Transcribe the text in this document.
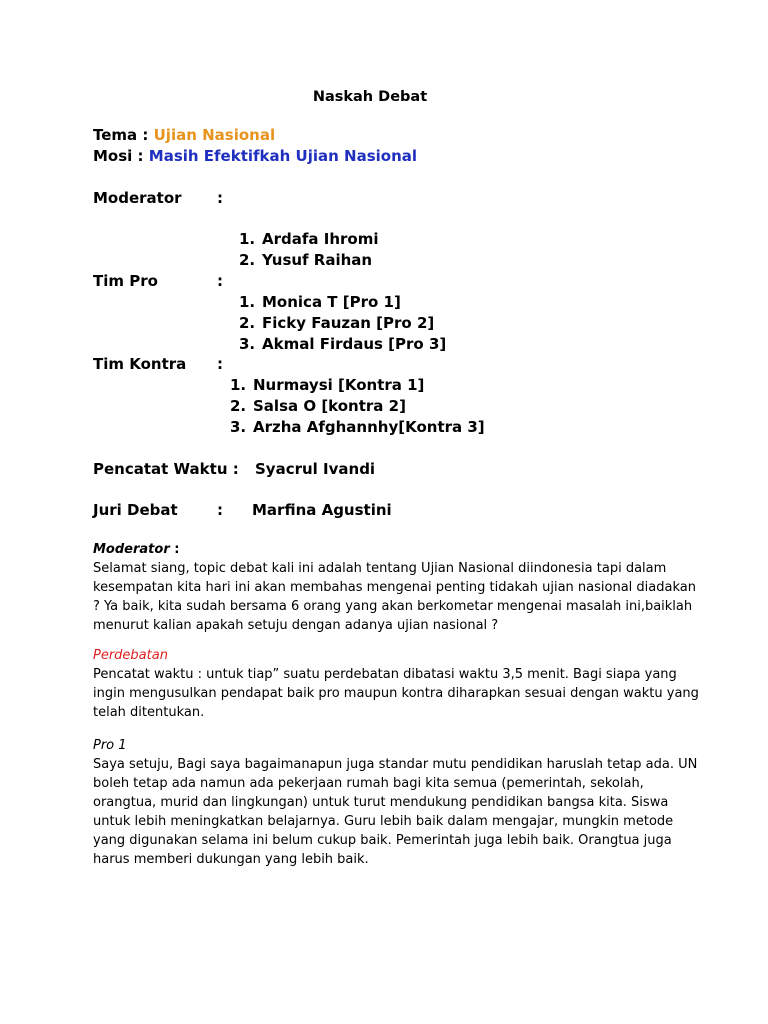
Naskah Debat
Tema : Ujian Nasional
Mosi : Masih Efektifkah Ujian Nasional
Moderator :
1. Ardafa Ihromi
2. Yusuf Raihan
Tim Pro	:
1. Monica T [Pro 1]
2. Ficky Fauzan [Pro 2]
3. Akmal Firdaus [Pro 3]
Tim Kontra :
1. Nurmaysi [Kontra 1]
2. Salsa O [kontra 2]
3. Arzha Afghannhy[Kontra 3]
Pencatat Waktu : Syacrul Ivandi
Juri Debat	: Marfina Agustini
Moderator :
Selamat siang, topic debat kali ini adalah tentang Ujian Nasional diindonesia tapi dalam
kesempatan kita hari ini akan membahas mengenai penting tidakah ujian nasional diadakan
? Ya baik, kita sudah bersama 6 orang yang akan berkometar mengenai masalah ini,baiklah
menurut kalian apakah setuju dengan adanya ujian nasional ?
Perdebatan
Pencatat waktu : untuk tiap” suatu perdebatan dibatasi waktu 3,5 menit. Bagi siapa yang
ingin mengusulkan pendapat baik pro maupun kontra diharapkan sesuai dengan waktu yang
telah ditentukan.
Pro 1
Saya setuju, Bagi saya bagaimanapun juga standar mutu pendidikan haruslah tetap ada. UN
boleh tetap ada namun ada pekerjaan rumah bagi kita semua (pemerintah, sekolah,
orangtua, murid dan lingkungan) untuk turut mendukung pendidikan bangsa kita. Siswa
untuk lebih meningkatkan belajarnya. Guru lebih baik dalam mengajar, mungkin metode
yang digunakan selama ini belum cukup baik. Pemerintah juga lebih baik. Orangtua juga
harus memberi dukungan yang lebih baik.
